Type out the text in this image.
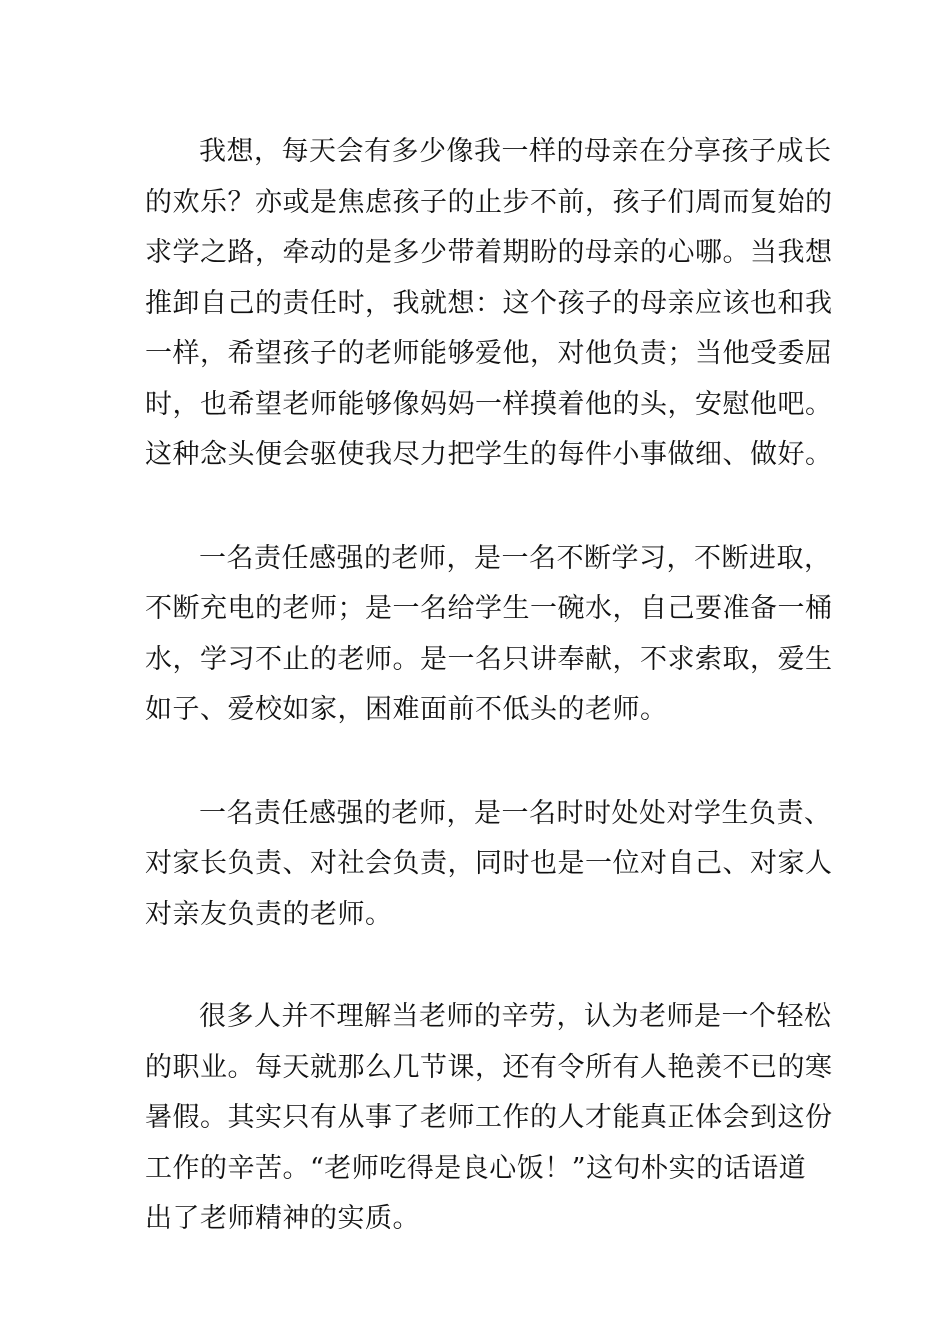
我想，每天会有多少像我一样的母亲在分享孩子成长
的欢乐？亦或是焦虑孩子的止步不前，孩子们周而复始的
求学之路，牵动的是多少带着期盼的母亲的心哪。当我想
推卸自己的责任时，我就想：这个孩子的母亲应该也和我
一样，希望孩子的老师能够爱他，对他负责；当他受委屈
时，也希望老师能够像妈妈一样摸着他的头，安慰他吧。
这种念头便会驱使我尽力把学生的每件小事做细、做好。

一名责任感强的老师，是一名不断学习，不断进取，
不断充电的老师；是一名给学生一碗水，自己要准备一桶
水，学习不止的老师。是一名只讲奉献，不求索取，爱生
如子、爱校如家，困难面前不低头的老师。

一名责任感强的老师，是一名时时处处对学生负责、
对家长负责、对社会负责，同时也是一位对自己、对家人
对亲友负责的老师。

很多人并不理解当老师的辛劳，认为老师是一个轻松
的职业。每天就那么几节课，还有令所有人艳羡不已的寒
暑假。其实只有从事了老师工作的人才能真正体会到这份
工作的辛苦。“老师吃得是良心饭！”这句朴实的话语道
出了老师精神的实质。
